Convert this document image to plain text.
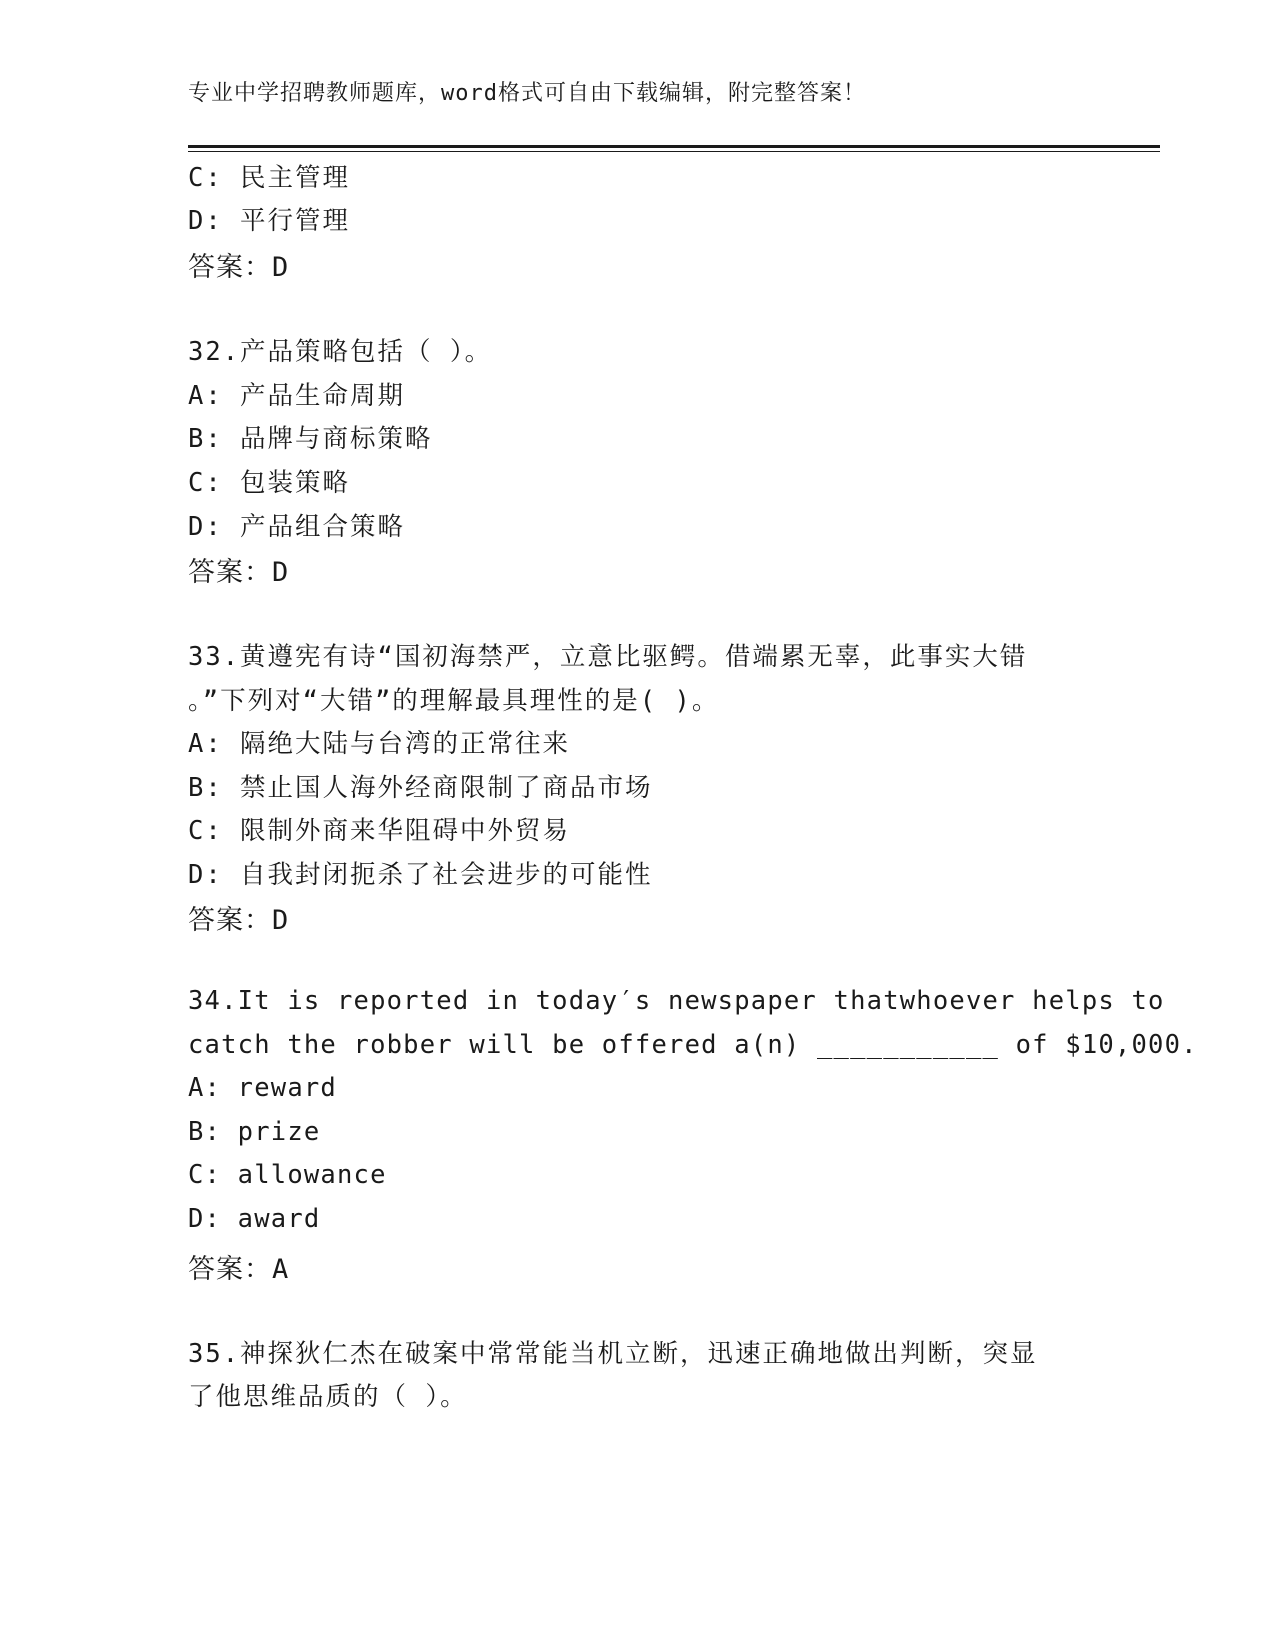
专业中学招聘教师题库，word格式可自由下载编辑，附完整答案！
C: 民主管理
D: 平行管理
答案：D
32.产品策略包括（ ）。
A: 产品生命周期
B: 品牌与商标策略
C: 包装策略
D: 产品组合策略
答案：D
33.黄遵宪有诗“国初海禁严，立意比驱鳄。借端累无辜，此事实大错
。”下列对“大错”的理解最具理性的是( )。
A: 隔绝大陆与台湾的正常往来
B: 禁止国人海外经商限制了商品市场
C: 限制外商来华阻碍中外贸易
D: 自我封闭扼杀了社会进步的可能性
答案：D
34.It is reported in today′s newspaper thatwhoever helps to
catch the robber will be offered a(n) ___________ of $10,000.
A: reward
B: prize
C: allowance
D: award
答案：A
35.神探狄仁杰在破案中常常能当机立断，迅速正确地做出判断，突显
了他思维品质的（ ）。
